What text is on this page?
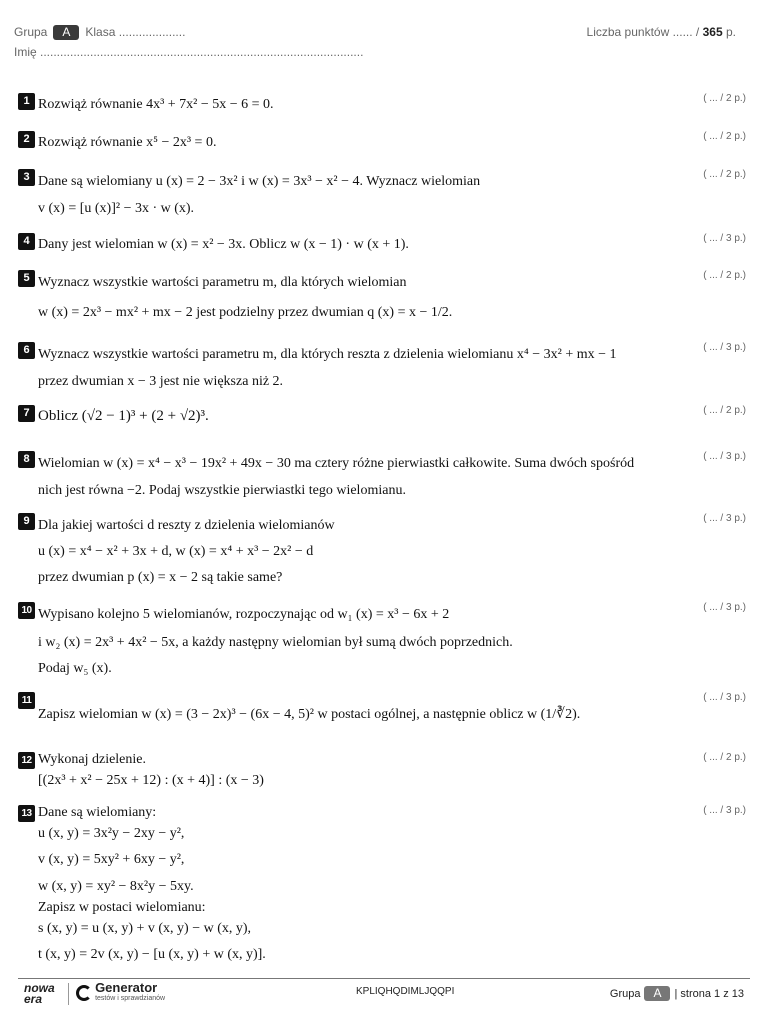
Grupa A Klasa ....................
Imię .................................................................................................
Liczba punktów ...... / 365 p.
1	( ... / 2 p.)
Rozwiąż równanie 4x³ + 7x² − 5x − 6 = 0.
2	( ... / 2 p.)
Rozwiąż równanie x⁵ − 2x³ = 0.
3	( ... / 2 p.)
Dane są wielomiany u (x) = 2 − 3x² i w (x) = 3x³ − x² − 4. Wyznacz wielomian
v (x) = [u (x)]² − 3x · w (x).
4	( ... / 3 p.)
Dany jest wielomian w (x) = x² − 3x. Oblicz w (x − 1) · w (x + 1).
5	( ... / 2 p.)
Wyznacz wszystkie wartości parametru m, dla których wielomian
w (x) = 2x³ − mx² + mx − 2 jest podzielny przez dwumian q (x) = x − 1/2.
6	( ... / 3 p.)
Wyznacz wszystkie wartości parametru m, dla których reszta z dzielenia wielomianu x⁴ − 3x² + mx − 1
przez dwumian x − 3 jest nie większa niż 2.
7	( ... / 2 p.)
Oblicz (√2 − 1)³ + (2 + √2)³.
8	( ... / 3 p.)
Wielomian w (x) = x⁴ − x³ − 19x² + 49x − 30 ma cztery różne pierwiastki całkowite. Suma dwóch spośród
nich jest równa −2. Podaj wszystkie pierwiastki tego wielomianu.
9	( ... / 3 p.)
Dla jakiej wartości d reszty z dzielenia wielomianów
u (x) = x⁴ − x² + 3x + d, w (x) = x⁴ + x³ − 2x² − d
przez dwumian p (x) = x − 2 są takie same?
10	( ... / 3 p.)
Wypisano kolejno 5 wielomianów, rozpoczynając od w₁ (x) = x³ − 6x + 2
i w₂ (x) = 2x³ + 4x² − 5x, a każdy następny wielomian był sumą dwóch poprzednich.
Podaj w₅ (x).
11	( ... / 3 p.)
Zapisz wielomian w (x) = (3 − 2x)³ − (6x − 4, 5)² w postaci ogólnej, a następnie oblicz w (1/∛2).
12	( ... / 2 p.)
Wykonaj dzielenie.
[(2x³ + x² − 25x + 12) : (x + 4)] : (x − 3)
13	( ... / 3 p.)
Dane są wielomiany:
u (x, y) = 3x²y − 2xy − y²,
v (x, y) = 5xy² + 6xy − y²,
w (x, y) = xy² − 8x²y − 5xy.
Zapisz w postaci wielomianu:
s (x, y) = u (x, y) + v (x, y) − w (x, y),
t (x, y) = 2v (x, y) − [u (x, y) + w (x, y)].
nowa era

Generator
testów i sprawdzianów
KPLIQHQDIMLJQQPI	Grupa A | strona 1 z 13
